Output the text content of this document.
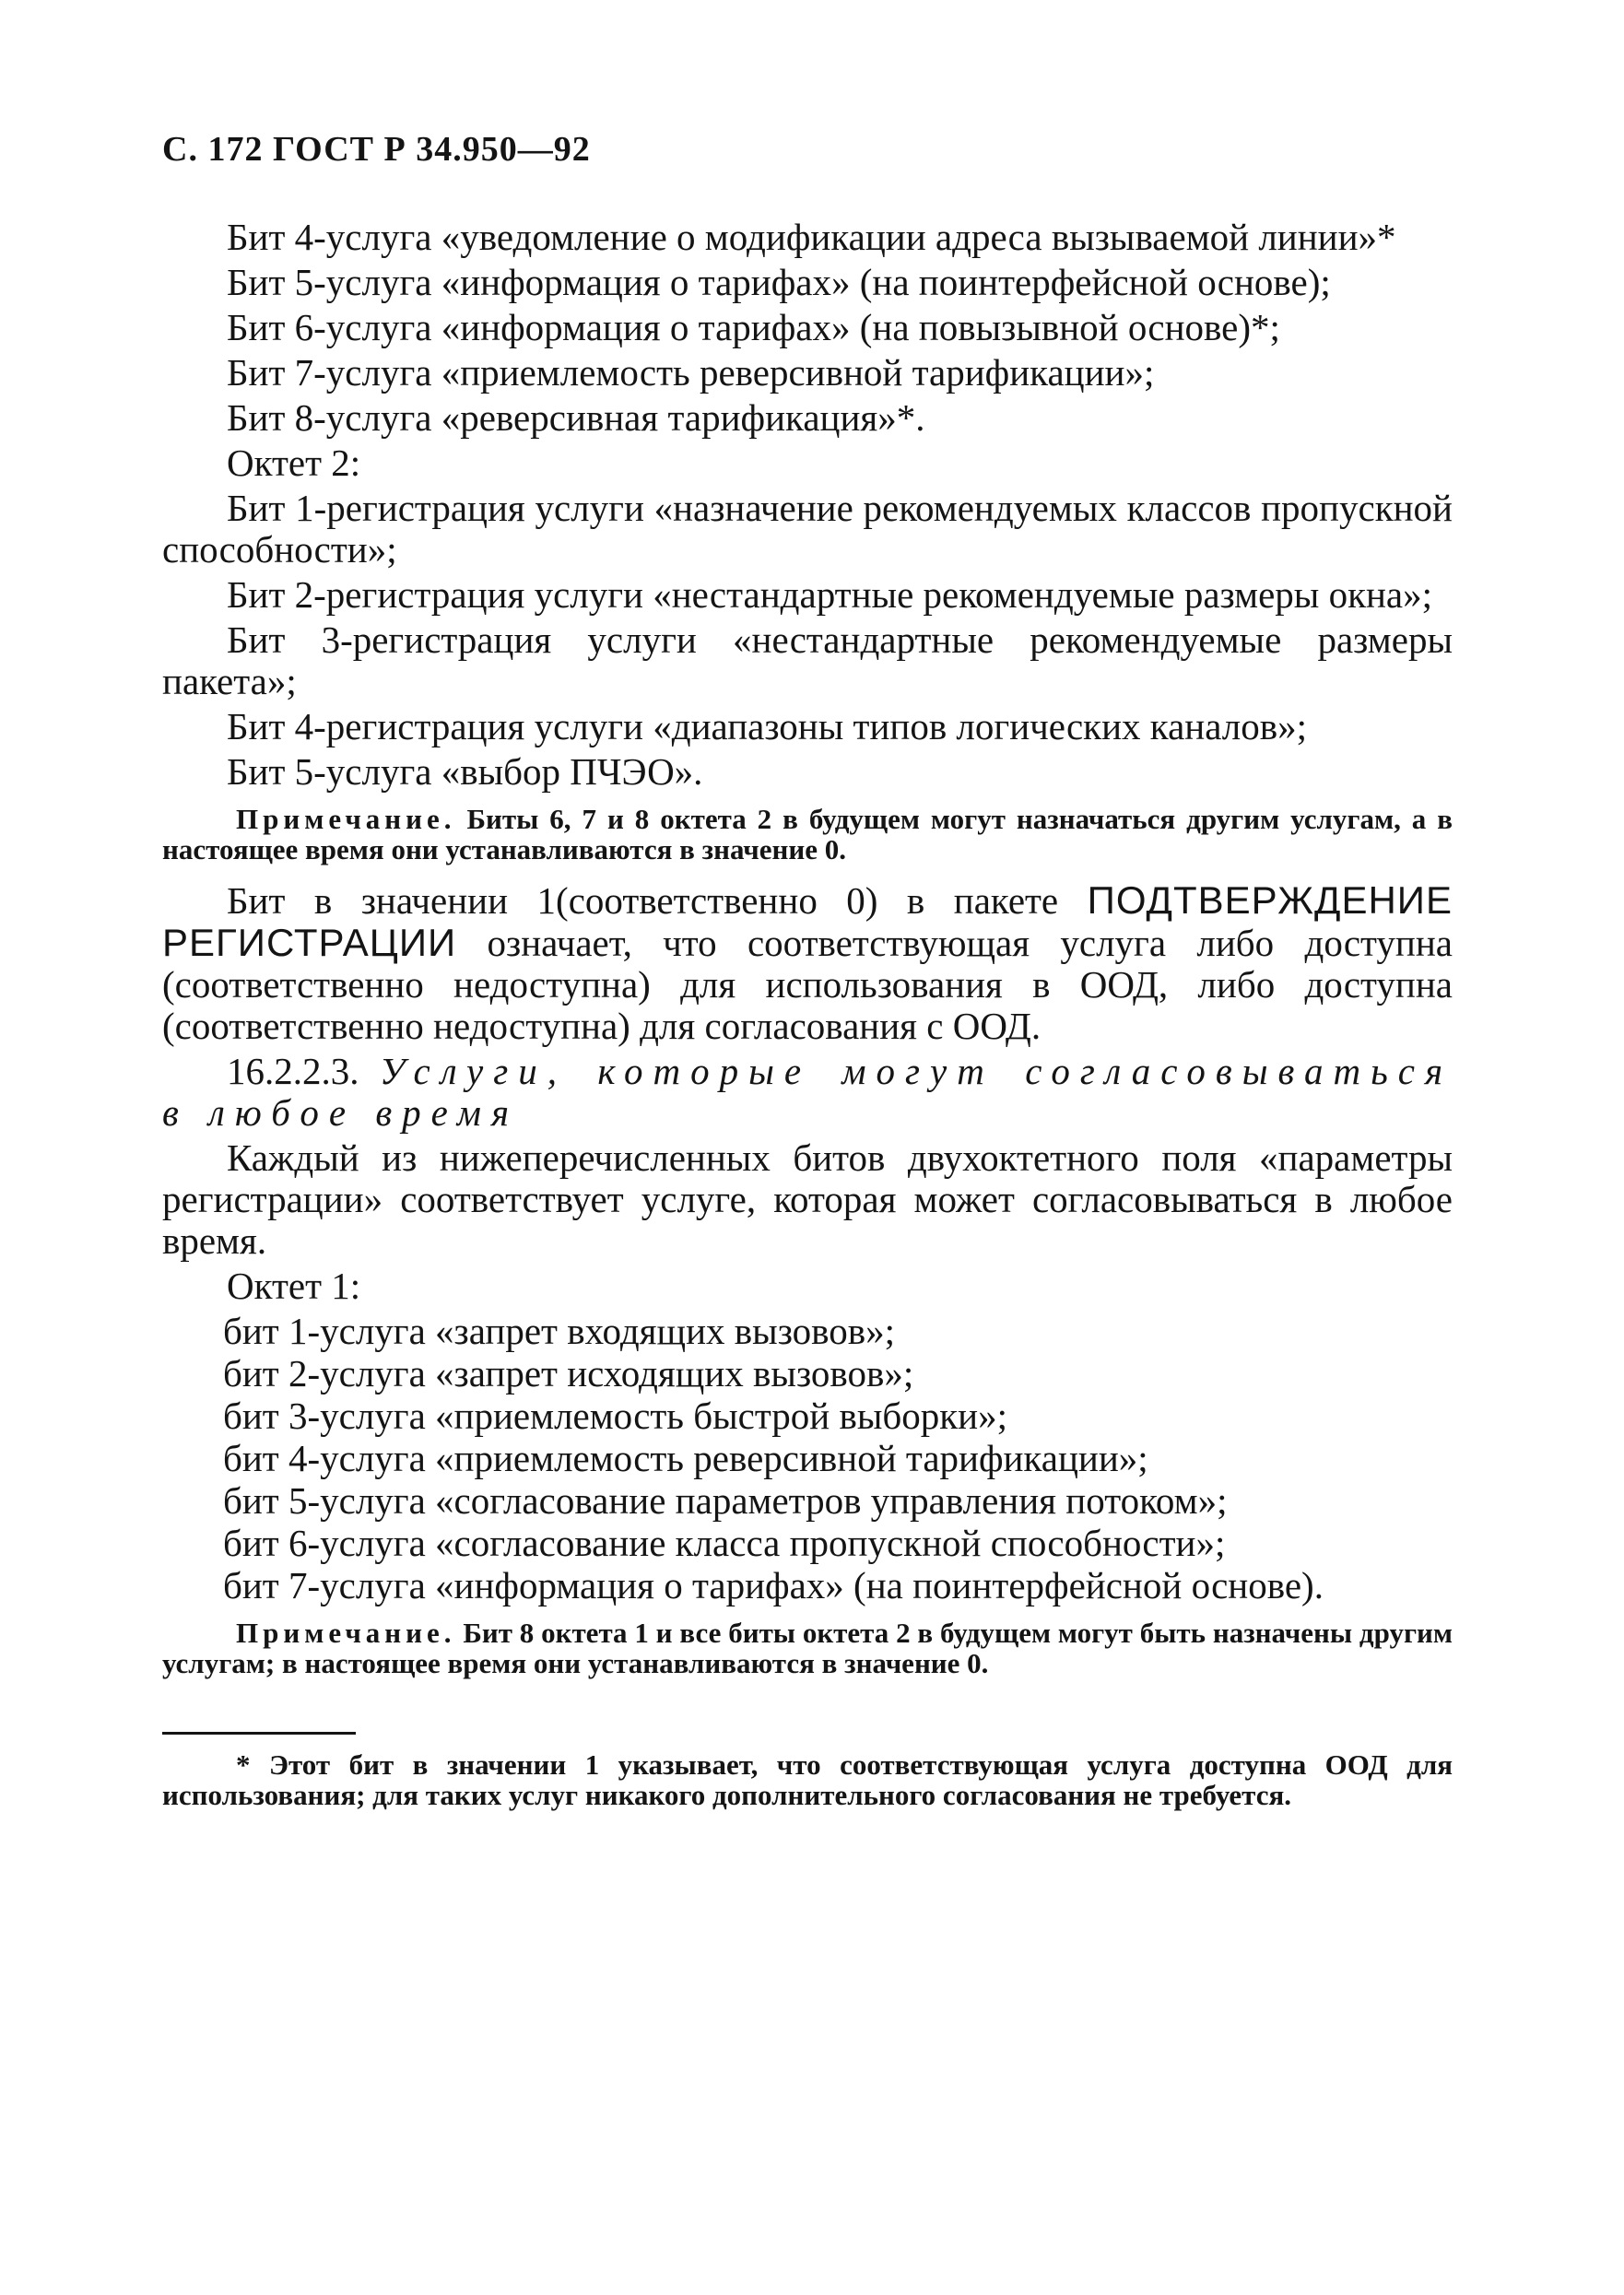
С. 172 ГОСТ Р 34.950—92

Бит 4-услуга «уведомление о модификации адреса вызываемой линии»*

Бит 5-услуга «информация о тарифах» (на поинтерфейсной основе);

Бит 6-услуга «информация о тарифах» (на повызывной основе)*;

Бит 7-услуга «приемлемость реверсивной тарификации»;

Бит 8-услуга «реверсивная тарификация»*.

Октет 2:

Бит 1-регистрация услуги «назначение рекомендуемых классов пропускной способности»;

Бит 2-регистрация услуги «нестандартные рекомендуемые размеры окна»;

Бит 3-регистрация услуги «нестандартные рекомендуемые размеры пакета»;

Бит 4-регистрация услуги «диапазоны типов логических каналов»;

Бит 5-услуга «выбор ПЧЭО».

Примечание. Биты 6, 7 и 8 октета 2 в будущем могут назначаться другим услугам, а в настоящее время они устанавливаются в значение 0.

Бит в значении 1(соответственно 0) в пакете ПОДТВЕРЖДЕНИЕ РЕГИСТРАЦИИ означает, что соответствующая услуга либо доступна (соответственно недоступна) для использования в ООД, либо доступна (соответственно недоступна) для согласования с ООД.

16.2.2.3. Услуги, которые могут согласовываться в любое время

Каждый из нижеперечисленных битов двухоктетного поля «параметры регистрации» соответствует услуге, которая может согласовываться в любое время.

Октет 1:

бит 1-услуга «запрет входящих вызовов»;

бит 2-услуга «запрет исходящих вызовов»;

бит 3-услуга «приемлемость быстрой выборки»;

бит 4-услуга «приемлемость реверсивной тарификации»;

бит 5-услуга «согласование параметров управления потоком»;

бит 6-услуга «согласование класса пропускной способности»;

бит 7-услуга «информация о тарифах» (на поинтерфейсной основе).

Примечание. Бит 8 октета 1 и все биты октета 2 в будущем могут быть назначены другим услугам; в настоящее время они устанавливаются в значение 0.

* Этот бит в значении 1 указывает, что соответствующая услуга доступна ООД для использования; для таких услуг никакого дополнительного согласования не требуется.
